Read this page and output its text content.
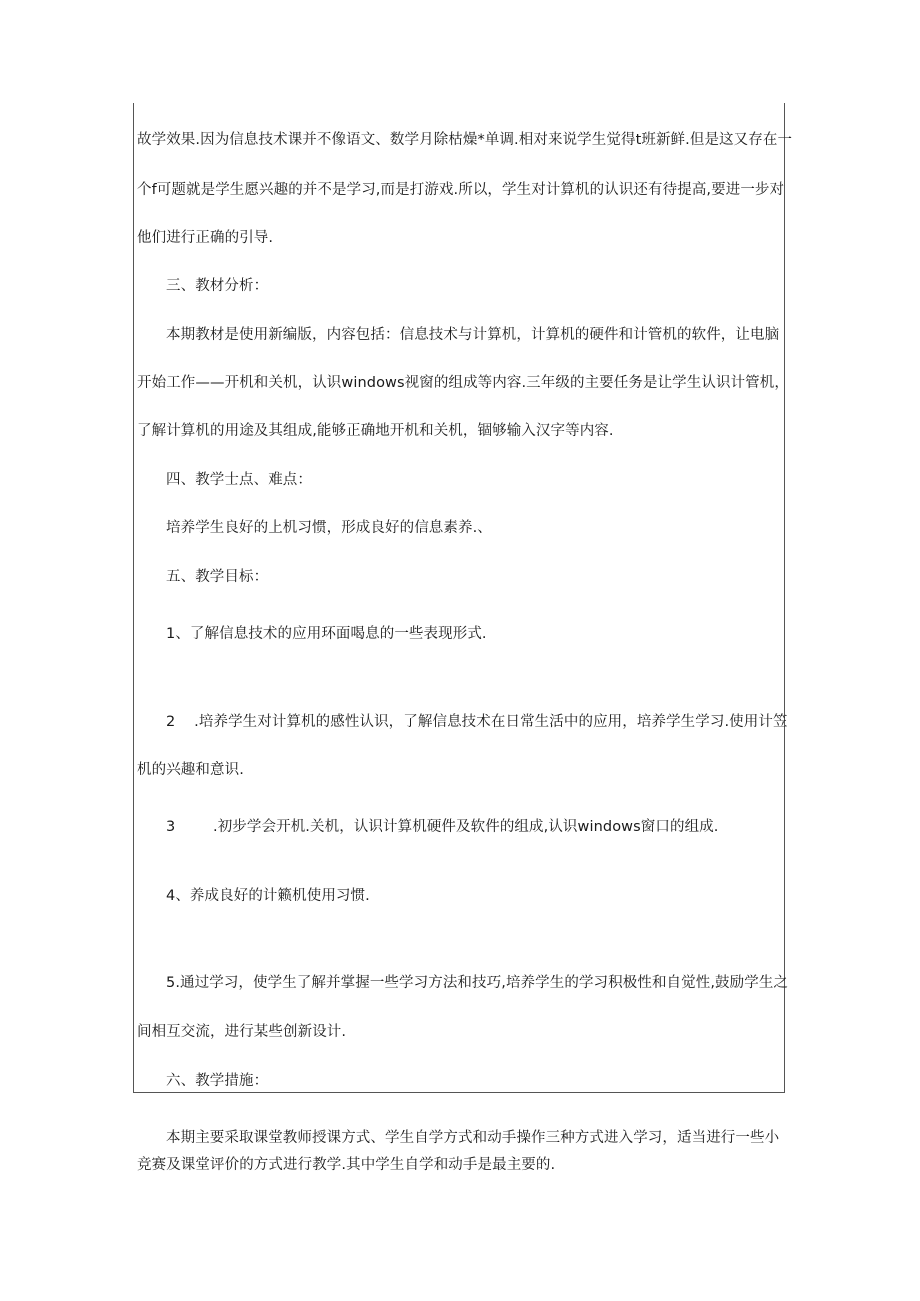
故学效果.因为信息技术课并不像语文、数学月除枯燥*单调.相对来说学生觉得t班新鲜.但是这又存在一
个f可题就是学生愿兴趣的并不是学习,而是打游戏.所以，学生对计算机的认识还有待提高,要进一步对
他们进行正确的引导.
三、教材分析：
本期教材是使用新编版，内容包括：信息技术与计算机，计算机的硬件和计管机的软件，让电脑
开始工作——开机和关机，认识windows视窗的组成等内容.三年级的主要任务是让学生认识计管机，
了解计算机的用途及其组成,能够正确地开机和关机，锢够输入汉字等内容.
四、教学士点、难点：
培养学生良好的上机习惯，形成良好的信息素养.、
五、教学目标：
1、了解信息技术的应用环面喝息的一些表现形式.
2    .培养学生对计算机的感性认识，了解信息技术在日常生活中的应用，培养学生学习.使用计笠
机的兴趣和意识.
3        .初步学会开机.关机，认识计算机硬件及软件的组成,认识windows窗口的组成.
4、养成良好的计籁机使用习惯.
5.通过学习，使学生了解并掌握一些学习方法和技巧,培养学生的学习积极性和自觉性,鼓励学生之
间相互交流，进行某些创新设计.
六、教学措施：
本期主要采取课堂教师授课方式、学生自学方式和动手操作三种方式进入学习，适当进行一些小
竞赛及课堂评价的方式进行教学.其中学生自学和动手是最主要的.
